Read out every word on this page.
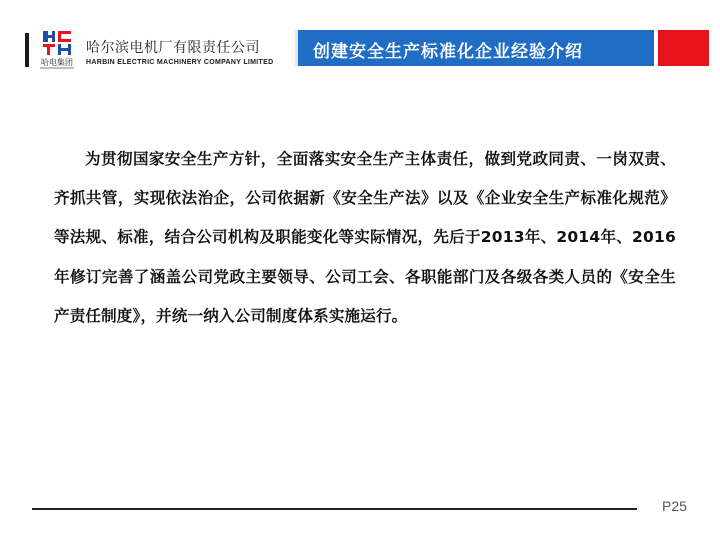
哈电集团
哈尔滨电机厂有限责任公司
HARBIN ELECTRIC MACHINERY COMPANY LIMITED
创建安全生产标准化企业经验介绍

为贯彻国家安全生产方针，全面落实安全生产主体责任，做到党政同责、一岗双责、齐抓共管，实现依法治企，公司依据新《安全生产法》以及《企业安全生产标准化规范》等法规、标准，结合公司机构及职能变化等实际情况，先后于2013年、2014年、2016年修订完善了涵盖公司党政主要领导、公司工会、各职能部门及各级各类人员的《安全生产责任制度》，并统一纳入公司制度体系实施运行。

P25
